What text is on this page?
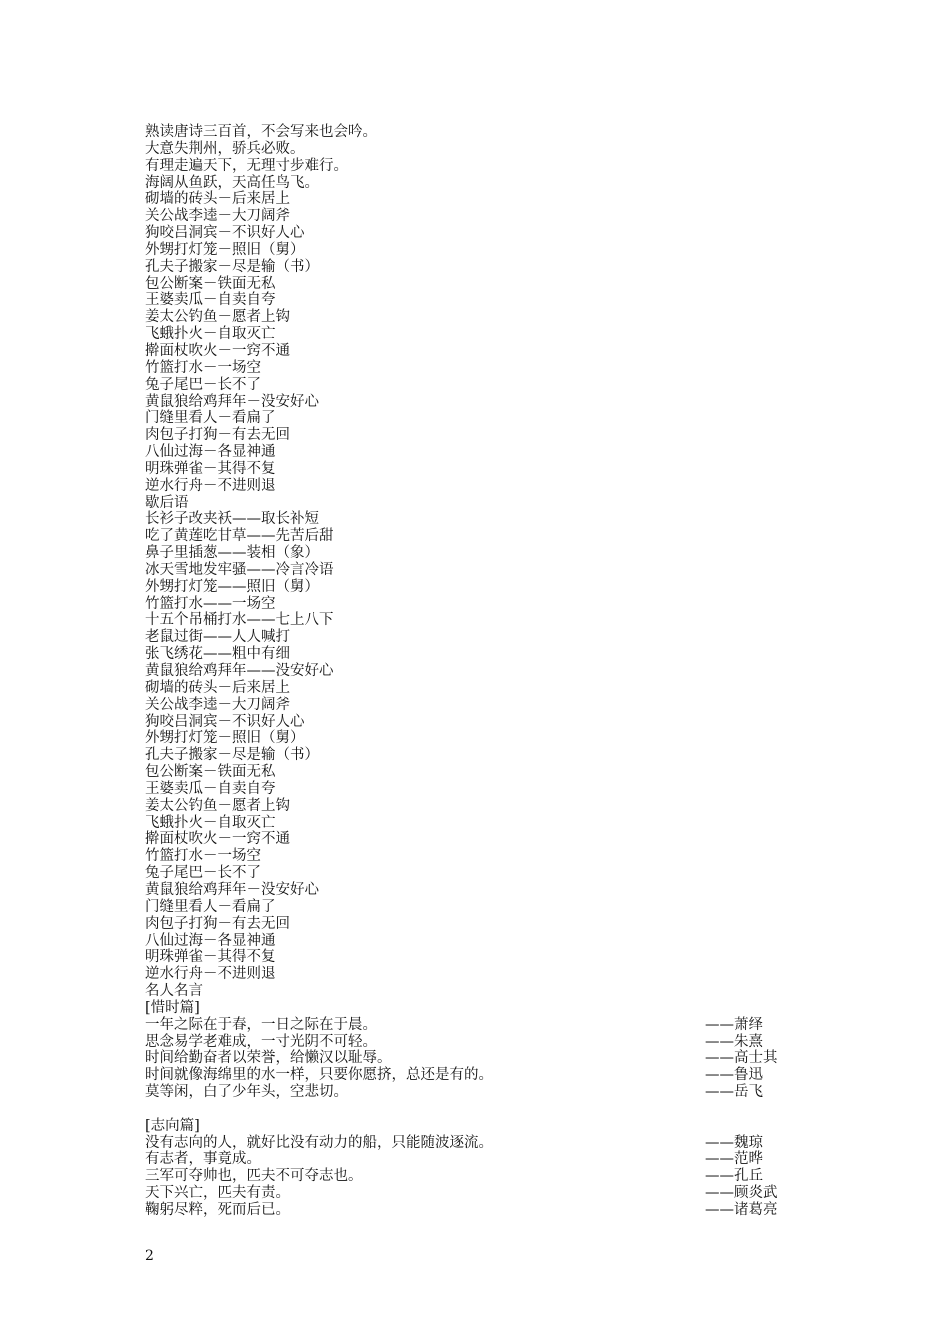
熟读唐诗三百首，不会写来也会吟。
大意失荆州，骄兵必败。
有理走遍天下，无理寸步难行。
海阔从鱼跃，天高任鸟飞。
砌墙的砖头－后来居上
关公战李逵－大刀阔斧
狗咬吕洞宾－不识好人心
外甥打灯笼－照旧（舅）
孔夫子搬家－尽是输（书）
包公断案－铁面无私
王婆卖瓜－自卖自夸
姜太公钓鱼－愿者上钩
飞蛾扑火－自取灭亡
擀面杖吹火－一窍不通
竹篮打水－一场空
兔子尾巴－长不了
黄鼠狼给鸡拜年－没安好心
门缝里看人－看扁了
肉包子打狗－有去无回
八仙过海－各显神通
明珠弹雀－其得不复
逆水行舟－不进则退
歇后语
长衫子改夹袄——取长补短
吃了黄莲吃甘草——先苦后甜
鼻子里插葱——装相（象）
冰天雪地发牢骚——冷言冷语
外甥打灯笼——照旧（舅）
竹篮打水——一场空
十五个吊桶打水——七上八下
老鼠过街——人人喊打
张飞绣花——粗中有细
黄鼠狼给鸡拜年——没安好心
砌墙的砖头－后来居上
关公战李逵－大刀阔斧
狗咬吕洞宾－不识好人心
外甥打灯笼－照旧（舅）
孔夫子搬家－尽是输（书）
包公断案－铁面无私
王婆卖瓜－自卖自夸
姜太公钓鱼－愿者上钩
飞蛾扑火－自取灭亡
擀面杖吹火－一窍不通
竹篮打水－一场空
兔子尾巴－长不了
黄鼠狼给鸡拜年－没安好心
门缝里看人－看扁了
肉包子打狗－有去无回
八仙过海－各显神通
明珠弹雀－其得不复
逆水行舟－不进则退
名人名言
[惜时篇]
一年之际在于春，一日之际在于晨。	——萧绎
思念易学老难成，一寸光阴不可轻。	——朱熹
时间给勤奋者以荣誉，给懒汉以耻辱。	——高士其
时间就像海绵里的水一样，只要你愿挤，总还是有的。	——鲁迅
莫等闲，白了少年头，空悲切。	——岳飞
[志向篇]
没有志向的人，就好比没有动力的船，只能随波逐流。	——魏琼
有志者，事竟成。	——范晔
三军可夺帅也，匹夫不可夺志也。	——孔丘
天下兴亡，匹夫有责。	——顾炎武
鞠躬尽粹，死而后已。	——诸葛亮
2
